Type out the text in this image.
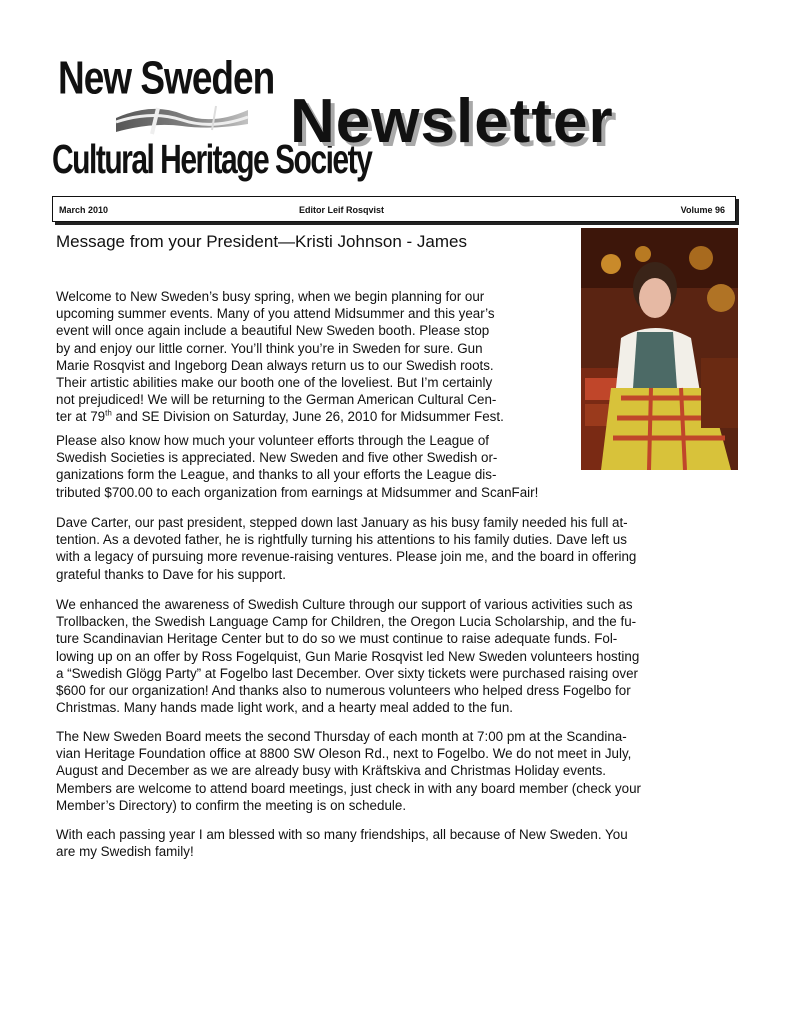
New Sweden
Cultural Heritage Society
Newsletter
March 2010	Editor Leif Rosqvist	Volume 96
Message from your President—Kristi Johnson - James
Welcome to New Sweden’s busy spring, when we begin planning for our
upcoming summer events. Many of you attend Midsummer and this year’s
event will once again include a beautiful New Sweden booth. Please stop
by and enjoy our little corner. You’ll think you’re in Sweden for sure. Gun
Marie Rosqvist and Ingeborg Dean always return us to our Swedish roots.
Their artistic abilities make our booth one of the loveliest. But I’m certainly
not prejudiced! We will be returning to the German American Cultural Cen-
ter at 79th and SE Division on Saturday, June 26, 2010 for Midsummer Fest.
Please also know how much your volunteer efforts through the League of
Swedish Societies is appreciated. New Sweden and five other Swedish or-
ganizations form the League, and thanks to all your efforts the League dis-
tributed $700.00 to each organization from earnings at Midsummer and ScanFair!
Dave Carter, our past president, stepped down last January as his busy family needed his full at-
tention. As a devoted father, he is rightfully turning his attentions to his family duties. Dave left us
with a legacy of pursuing more revenue-raising ventures. Please join me, and the board in offering
grateful thanks to Dave for his support.
We enhanced the awareness of Swedish Culture through our support of various activities such as
Trollbacken, the Swedish Language Camp for Children, the Oregon Lucia Scholarship, and the fu-
ture Scandinavian Heritage Center but to do so we must continue to raise adequate funds. Fol-
lowing up on an offer by Ross Fogelquist, Gun Marie Rosqvist led New Sweden volunteers hosting
a “Swedish Glögg Party” at Fogelbo last December. Over sixty tickets were purchased raising over
$600 for our organization! And thanks also to numerous volunteers who helped dress Fogelbo for
Christmas. Many hands made light work, and a hearty meal added to the fun.
The New Sweden Board meets the second Thursday of each month at 7:00 pm at the Scandina-
vian Heritage Foundation office at 8800 SW Oleson Rd., next to Fogelbo. We do not meet in July,
August and December as we are already busy with Kräftskiva and Christmas Holiday events.
Members are welcome to attend board meetings, just check in with any board member (check your
Member’s Directory) to confirm the meeting is on schedule.
With each passing year I am blessed with so many friendships, all because of New Sweden. You
are my Swedish family!
